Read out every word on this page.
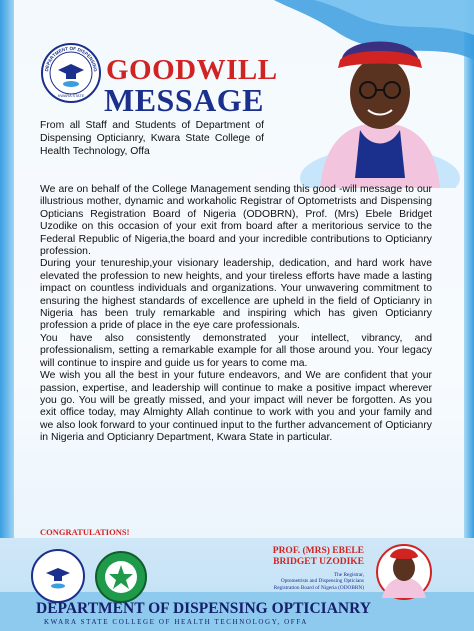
DEPARTMENT OF DISPENSING
KWARA STATE
GOODWILL
MESSAGE
From all Staff and Students of Department of Dispensing Opticianry, Kwara State College of Health Technology, Offa

We are on behalf of the College Management sending this good -will message to our illustrious mother, dynamic and workaholic Registrar of Optometrists and Dispensing Opticians Registration Board of Nigeria (ODOBRN), Prof. (Mrs) Ebele Bridget Uzodike on this occasion of your exit from board after a meritorious service to the Federal Republic of Nigeria,the board and your incredible contributions to Opticianry profession.

During your tenureship,your visionary leadership, dedication, and hard work have elevated the profession to new heights, and your tireless efforts have made a lasting impact on countless individuals and organizations. Your unwavering commitment to ensuring the highest standards of excellence are upheld in the field of Opticianry in Nigeria has been truly remarkable and inspiring which has given Opticianry profession a pride of place in the eye care professionals.

You have also consistently demonstrated your intellect, vibrancy, and professionalism, setting a remarkable example for all those around you. Your legacy will continue to inspire and guide us for years to come ma.

We wish you all the best in your future endeavors, and We are confident that your passion, expertise, and leadership will continue to make a positive impact wherever you go. You will be greatly missed, and your impact will never be forgotten. As you exit office today, may Almighty Allah continue to work with you and your family and we also look forward to your continued input to the further advancement of Opticianry in Nigeria and Opticianry Department, Kwara State in particular.

CONGRATULATIONS!
DEPARTMENT OF DISPENSING OPTICIANRY
KWARA STATE COLLEGE OF HEALTH TECHNOLOGY, OFFA
PROF. (MRS) EBELE
BRIDGET UZODIKE
The Registrar,
Optometrists and Dispensing Opticians
Registration Board of Nigeria (ODOBRN)
